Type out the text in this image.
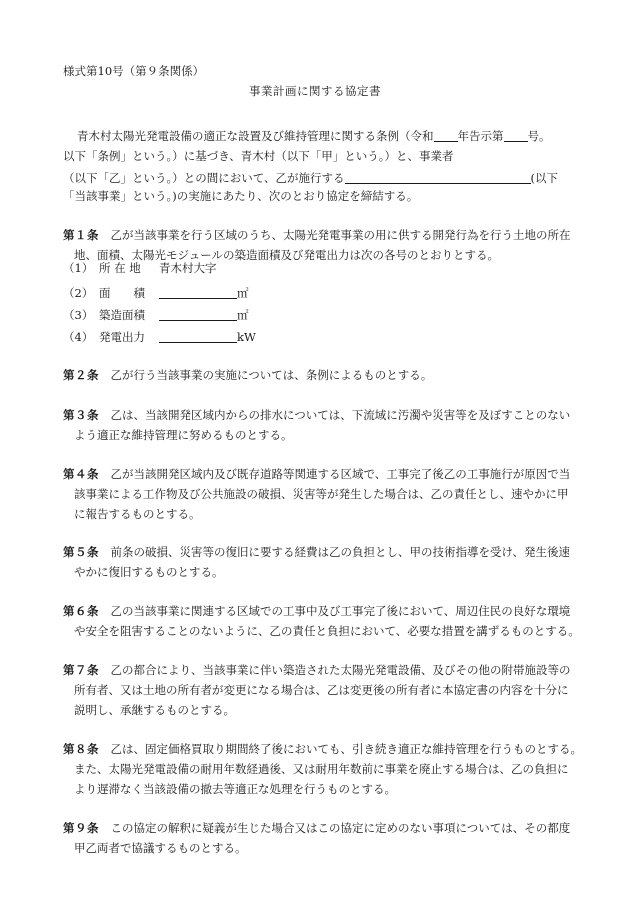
様式第10号（第９条関係）
事業計画に関する協定書
青木村太陽光発電設備の適正な設置及び維持管理に関する条例（令和 年告示第 号。
以下「条例」という。）に基づき、青木村（以下「甲」という。）と、事業者
（以下「乙」という。）との間において、乙が施行する	(以下
「当該事業」という。)の実施にあたり、次のとおり協定を締結する。
第１条　 乙が当該事業を行う区域のうち、太陽光発電事業の用に供する開発行為を行う土地の所在
地、面積、太陽光モジュールの築造面積及び発電出力は次の各号のとおりとする。
（1） 所 在 地 青木村大字
（2） 面　　積	㎡
（3） 築造面積	㎡
（4） 発電出力	kW
第２条　 乙が行う当該事業の実施については、条例によるものとする。
第３条　 乙は、当該開発区域内からの排水については、下流域に汚濁や災害等を及ぼすことのない
よう適正な維持管理に努めるものとする。
第４条　 乙が当該開発区域内及び既存道路等関連する区域で、工事完了後乙の工事施行が原因で当
該事業による工作物及び公共施設の破損、災害等が発生した場合は、乙の責任とし、速やかに甲
に報告するものとする。
第５条　 前条の破損、災害等の復旧に要する経費は乙の負担とし、甲の技術指導を受け、発生後速
やかに復旧するものとする。
第６条　 乙の当該事業に関連する区域での工事中及び工事完了後において、周辺住民の良好な環境
や安全を阻害することのないように、乙の責任と負担において、必要な措置を講ずるものとする。
第７条　 乙の都合により、当該事業に伴い築造された太陽光発電設備、及びその他の附帯施設等の
所有者、又は土地の所有者が変更になる場合は、乙は変更後の所有者に本協定書の内容を十分に
説明し、承継するものとする。
第８条　 乙は、固定価格買取り期間終了後においても、引き続き適正な維持管理を行うものとする。
また、太陽光発電設備の耐用年数経過後、又は耐用年数前に事業を廃止する場合は、乙の負担に
より遅滞なく当該設備の撤去等適正な処理を行うものとする。
第９条　 この協定の解釈に疑義が生じた場合又はこの協定に定めのない事項については、その都度
甲乙両者で協議するものとする。
